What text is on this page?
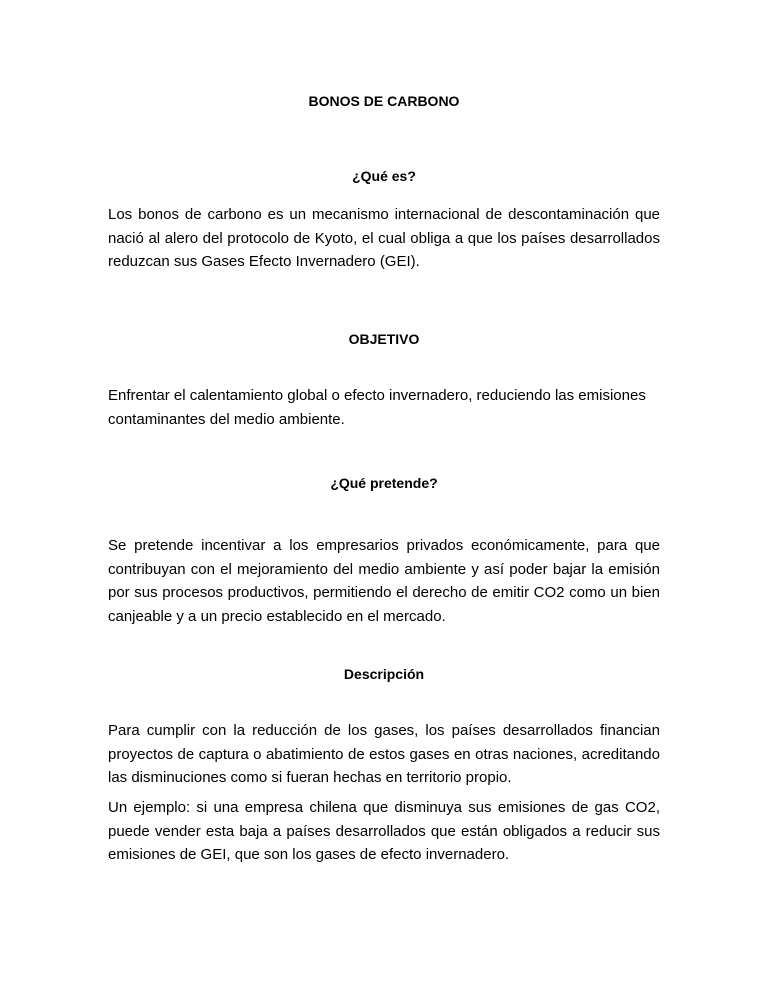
BONOS DE CARBONO
¿Qué es?
Los bonos de carbono es un mecanismo internacional de descontaminación que
nació al alero del protocolo de Kyoto, el cual obliga a que los países desarrollados
reduzcan sus Gases Efecto Invernadero (GEI).
OBJETIVO
Enfrentar el calentamiento global o efecto invernadero, reduciendo las emisiones
contaminantes del medio ambiente.
¿Qué pretende?
Se pretende incentivar a los empresarios privados económicamente, para que
contribuyan con el mejoramiento del medio ambiente y así poder bajar la emisión
por sus procesos productivos, permitiendo el derecho de emitir CO2 como un bien
canjeable y a un precio establecido en el mercado.
Descripción
Para cumplir con la reducción de los gases, los países desarrollados financian
proyectos de captura o abatimiento de estos gases en otras naciones, acreditando
las disminuciones como si fueran hechas en territorio propio.
Un ejemplo: si una empresa chilena que disminuya sus emisiones de gas CO2,
puede vender esta baja a países desarrollados que están obligados a reducir sus
emisiones de GEI, que son los gases de efecto invernadero.
